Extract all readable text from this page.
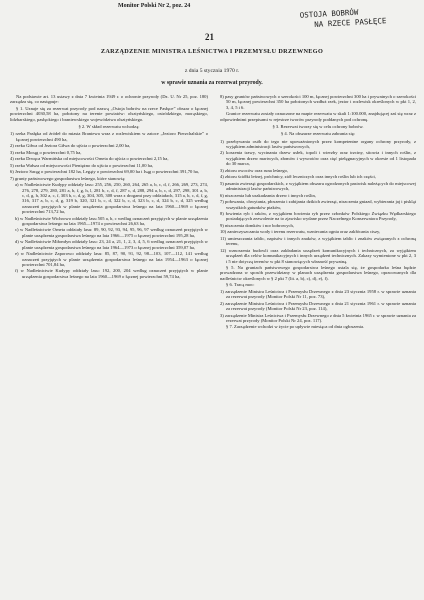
Monitor Polski Nr 2, poz. 24
OSTOJA BOBRÓW
NA RZECE PASŁĘCE
21
ZARZĄDZENIE MINISTRA LEŚNICTWA I PRZEMYSŁU DRZEWNEGO
z dnia 5 stycznia 1970 r.
w sprawie uznania za rezerwat przyrody.

Na podstawie art. 13 ustawy z dnia 7 kwietnia 1949 r. o ochronie przyrody (Dz. U. Nr 25, poz. 180) zarządza się, co następuje:

§ 1. Uznaje się za rezerwat przyrody pod nazwą „Ostoja bobrów na rzece Pasłęce” obszar o łącznej powierzchni 4030,58 ha, położony na terenie powiatów: olsztyńskiego, ostródzkiego, morąskiego, lidzbarskiego, pasłęckiego i braniewskiego województwa olsztyńskiego.

§ 2. W skład rezerwatu wchodzą:

1) rzeka Pasłęka od źródeł do miasta Braniewa wraz z rozlewiskiem w zatoce „Jezioro Pierzchalskie” o łącznej powierzchni 490 ha,

2) rzeka Giłwa od Jeziora Giłwa do ujścia o powierzchni 2,00 ha,

3) rzeka Morąg o powierzchni 0,75 ha,

4) rzeka Drwęca Warmińska od miejscowości Orneta do ujścia o powierzchni 2,15 ha,

5) rzeka Wałsza od miejscowości Pieniężno do ujścia o powierzchni 11,00 ha,

6) Jezioro Sarąg o powierzchni 182 ha, Legąty o powierzchni 69,00 ha i Isąg o powierzchni 391,70 ha,

7) grunty państwowego gospodarstwa leśnego, które stanowią:

a) w Nadleśnictwie Kudypy oddziały lasu: 255, 256, 250, 260, 264, 265 a, b, c, d, f, 266, 269, 273, 274, 276, 278, 279, 280, 281 a, b, f, g, h, l, 281 b, c, d, f, 287 c, d, 288, 294 a, b, c, d, 297, 298, 301 a, b, c, d, g, h, 302 a, c, f, 303 b, c, d, g, 304, 305, 308 wraz z drogami przy oddziałach, 315 a, b, c, d, f, g, 316, 317 a, b, c, d, g, 319 b, 320, 321 b, c, d, 322 b, c, d, 323 b, c, d, 324 b, c, d, 325 wedlug oznaczeń przyjętych w planie urządzenia gospodarstwa leśnego na lata 1960—1969 o łącznej powierzchni 713,72 ha,

b) w Nadleśnictwie Wichrowo oddziały lasu 505 a, b, c wedlug oznaczeń przyjętych w planie urządzenia gospodarstwa leśnego na lata 1965—1974 o powierzchni 26,63 ha,

c) w Nadleśnictwie Orneta oddziały lasu: 89, 90, 92, 93, 94, 95, 96, 97 wedlug oznaczeń przyjętych w planie urządzenia gospodarstwa leśnego na lata 1966—1975 o łącznej powierzchni 195,28 ha,

d) w Nadleśnictwie Miłomłyn oddziały lasu: 23, 24 a, 21, 1, 2, 3, 4, 5, 6 wedlug oznaczeń przyjętych w planie urządzenia gospodarstwa leśnego na lata 1964—1973 o łącznej powierzchni 359,07 ha,

e) w Nadleśnictwie Zaporowo oddziały lasu: 85, 87, 90, 91, 92, 98—103, 107—112, 141 wedlug oznaczeń przyjętych w planie urządzenia gospodarstwa leśnego na lata 1954—1963 o łącznej powierzchni 701,84 ha,

f) w Nadleśnictwie Kudypy oddziały lasu: 192, 200, 204 wedlug oznaczeń przyjętych w planie urządzenia gospodarstwa leśnego na lata 1960—1969 o łącznej powierzchni 59,74 ha,

8) pasy gruntów państwowych o szerokości 100 m, łącznej powierzchni 300 ha i prywatnych o szerokości 50 m, łącznej powierzchni 350 ha położonych wzdłuż rzek, jezior i rozlewisk określonych w pkt 1, 2, 3, 4, 5 i 6.

Granice rezerwatu zostały oznaczone na mapie rezerwatu w skali 1:100.000, znajdującej zaś się wraz z odpowiednimi przepisami w rejestrze tworów przyrody poddanych pod ochronę.

§ 3. Rezerwat tworzy się w celu ochrony bobrów.

§ 4. Na obszarze rezerwatu zabrania się:

1) przebywania osób do tego nie upoważnionych przez kompetentne organy ochrony przyrody, z wyjątkiem administracji lasów państwowych,

2) koszenia trawy, wycinania drzew usłek, topoli i wierzby oraz trzciny, sitowia i innych roślin, z wyjątkiem drzew martwych, złomów i wywrotów oraz cięć pielęgnacyjnych w okresie od 1 listopada do 30 marca,

3) zbioru owoców oraz runa leśnego,

4) zbioru ściółki leśnej, próchnicy, ziół leczniczych oraz innych roślin lub ich części,

5) pasania zwierząt gospodarskich, z wyjątkiem obszaru ogrodzonych pastwisk należących do miejscowej administracji lasów państwowych,

6) niszczenia lub uszkadzania drzew i innych roślin,

7) połowania, chwytania, płoszenia i zabijania dzikich zwierząt, niszczenia gniazd, wybierania jaj i piskląt wszystkich gatunków ptaków,

8) łowienia ryb i raków, z wyjątkiem łowienia ryb przez członków Polskiego Związku Wędkarskiego posiadających zezwolenie na to zjawisko wydane przez Naczelnego Konserwatora Przyrody,

9) niszczenia domków i nor bobrowych,

10) zanieczyszczania wody i terenu rezerwatu, wzniecania ognia oraz zakłócania ciszy,

11) umieszczania tablic, napisów i innych znaków, z wyjątkiem tablic i znaków związanych z ochroną terenu,

12) wznoszenia budowli oraz zakładania urządzeń komunikacyjnych i technicznych, za wyjątkiem urządzeń dla celów komunikacyjnych i innych urządzeń technicznych. Zakazy wymienione w pkt 2, 3 i 5 nie dotyczą terenów w pkt 8 stanowiących własność prywatną.

§ 5. Na gruntach państwowego gospodarstwa leśnego ustala się, że gospodarka leśna będzie prowadzona w sposób przewidziany w planach urządzenia gospodarstwa leśnego, opracowanych dla nadleśnictw określonych w § 2 pkt 7 (lit. a, b), c), d), e), f).

§ 6. Tracą moc:

1) zarządzenie Ministra Leśnictwa i Przemysłu Drzewnego z dnia 23 stycznia 1958 r. w sprawie uznania za rezerwat przyrody (Monitor Polski Nr 11, poz. 73),

2) zarządzenie Ministra Leśnictwa i Przemysłu Drzewnego z dnia 21 stycznia 1961 r. w sprawie uznania za rezerwat przyrody (Monitor Polski Nr 23, poz. 114),

3) zarządzenie Ministra Leśnictwa i Przemysłu Drzewnego z dnia 5 kwietnia 1965 r. w sprawie uznania za rezerwat przyrody (Monitor Polski Nr 24, poz. 117).

§ 7. Zarządzenie wchodzi w życie po upływie miesiąca od dnia ogłoszenia.
